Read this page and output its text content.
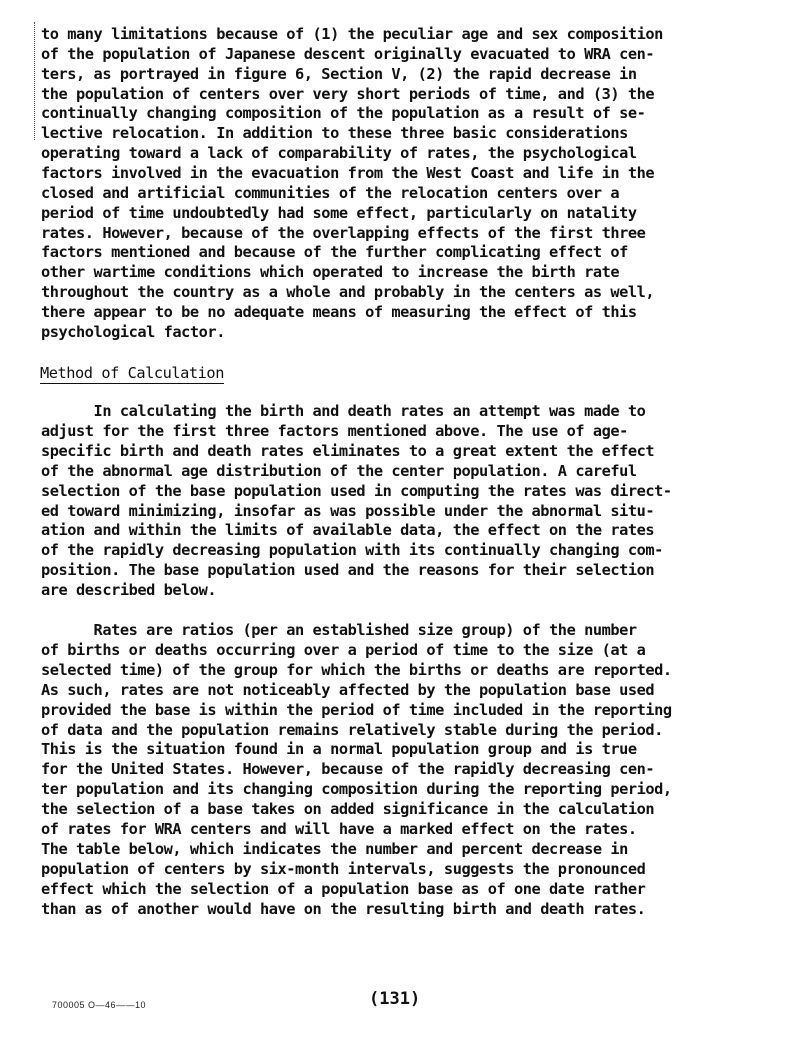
to many limitations because of (1) the peculiar age and sex composition
of the population of Japanese descent originally evacuated to WRA cen-
ters, as portrayed in figure 6, Section V, (2) the rapid decrease in
the population of centers over very short periods of time, and (3) the
continually changing composition of the population as a result of se-
lective relocation. In addition to these three basic considerations
operating toward a lack of comparability of rates, the psychological
factors involved in the evacuation from the West Coast and life in the
closed and artificial communities of the relocation centers over a
period of time undoubtedly had some effect, particularly on natality
rates. However, because of the overlapping effects of the first three
factors mentioned and because of the further complicating effect of
other wartime conditions which operated to increase the birth rate
throughout the country as a whole and probably in the centers as well,
there appear to be no adequate means of measuring the effect of this
psychological factor.
Method of Calculation
In calculating the birth and death rates an attempt was made to
adjust for the first three factors mentioned above. The use of age-
specific birth and death rates eliminates to a great extent the effect
of the abnormal age distribution of the center population. A careful
selection of the base population used in computing the rates was direct-
ed toward minimizing, insofar as was possible under the abnormal situ-
ation and within the limits of available data, the effect on the rates
of the rapidly decreasing population with its continually changing com-
position. The base population used and the reasons for their selection
are described below.
Rates are ratios (per an established size group) of the number
of births or deaths occurring over a period of time to the size (at a
selected time) of the group for which the births or deaths are reported.
As such, rates are not noticeably affected by the population base used
provided the base is within the period of time included in the reporting
of data and the population remains relatively stable during the period.
This is the situation found in a normal population group and is true
for the United States. However, because of the rapidly decreasing cen-
ter population and its changing composition during the reporting period,
the selection of a base takes on added significance in the calculation
of rates for WRA centers and will have a marked effect on the rates.
The table below, which indicates the number and percent decrease in
population of centers by six-month intervals, suggests the pronounced
effect which the selection of a population base as of one date rather
than as of another would have on the resulting birth and death rates.
700005 O—46——10	(131)
